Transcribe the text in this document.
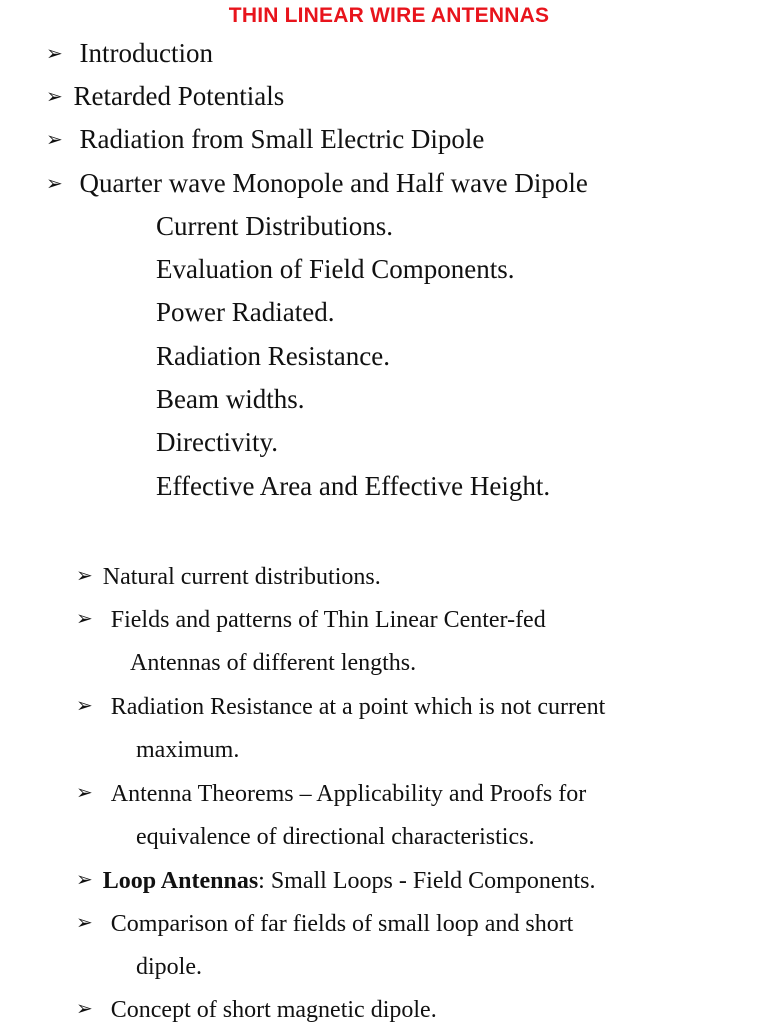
THIN LINEAR WIRE ANTENNAS
➢ Introduction
➢ Retarded Potentials
➢ Radiation from Small Electric Dipole
➢ Quarter wave Monopole and Half wave Dipole
Current Distributions.
Evaluation of Field Components.
Power Radiated.
Radiation Resistance.
Beam widths.
Directivity.
Effective Area and Effective Height.
➢ Natural current distributions.
➢ Fields and patterns of Thin Linear Center-fed
Antennas of different lengths.
➢ Radiation Resistance at a point which is not current
maximum.
➢ Antenna Theorems – Applicability and Proofs for
equivalence of directional characteristics.
➢ Loop Antennas: Small Loops - Field Components.
➢ Comparison of far fields of small loop and short
dipole.
➢ Concept of short magnetic dipole.
